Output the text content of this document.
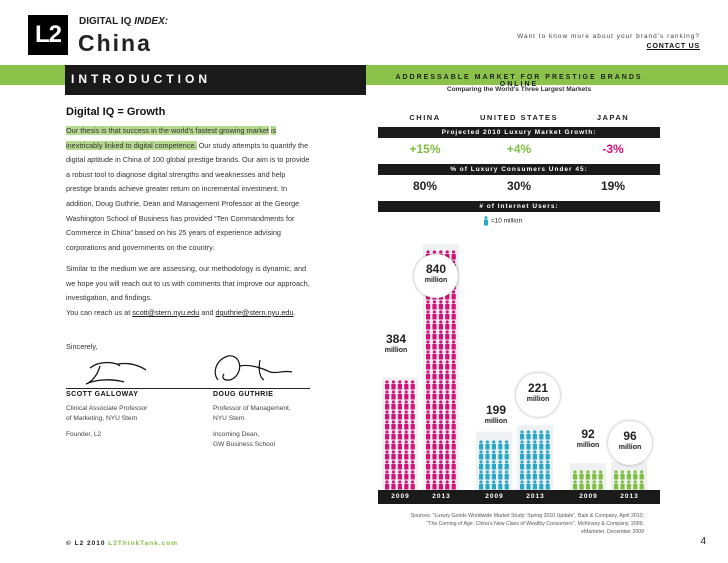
L2	DIGITAL IQ INDEX:
China	Want to know more about your brand's ranking?
CONTACT US
INTRODUCTION
Digital IQ = Growth
Our thesis is that success in the world's fastest growing market is inextricably linked to digital competence. Our study attempts to quantify the digital aptitude in China of 100 global prestige brands. Our aim is to provide a robust tool to diagnose digital strengths and weaknesses and help prestige brands achieve greater return on incremental investment. In addition, Doug Guthrie, Dean and Management Professor at the George Washington School of Business has provided “Ten Commandments for Commerce in China” based on his 25 years of experience advising corporations and governments on the country.
Similar to the medium we are assessing, our methodology is dynamic, and we hope you will reach out to us with comments that improve our approach, investigation, and findings.
You can reach us at scott@stern.nyu.edu and dguthrie@stern.nyu.edu.
Sincerely,
SCOTT GALLOWAY
Clinical Associate Professor
of Marketing, NYU Stern
Founder, L2
DOUG GUTHRIE
Professor of Management,
NYU Stern
Incoming Dean,
GW Business School
ADDRESSABLE MARKET FOR PRESTIGE BRANDS ONLINE
Comparing the World's Three Largest Markets
CHINA	UNITED STATES	JAPAN
Projected 2010 Luxury Market Growth:
+15%	+4%	-3%
% of Luxury Consumers Under 45:
80%	30%	19%
# of Internet Users:
=10 million
2009	2013	2009	2013	2009	2013
384
million
840
million
199
million
221
million
92
million
96
million
Sources: "Luxury Goods Worldwide Market Study: Spring 2010 Update", Bain & Company, April 2010;
"The Coming of Age: China's New Class of Wealthy Consumers", McKinsey & Company, 2009;
eMarketer, December 2009
© L2 2010 L2ThinkTank.com	4
